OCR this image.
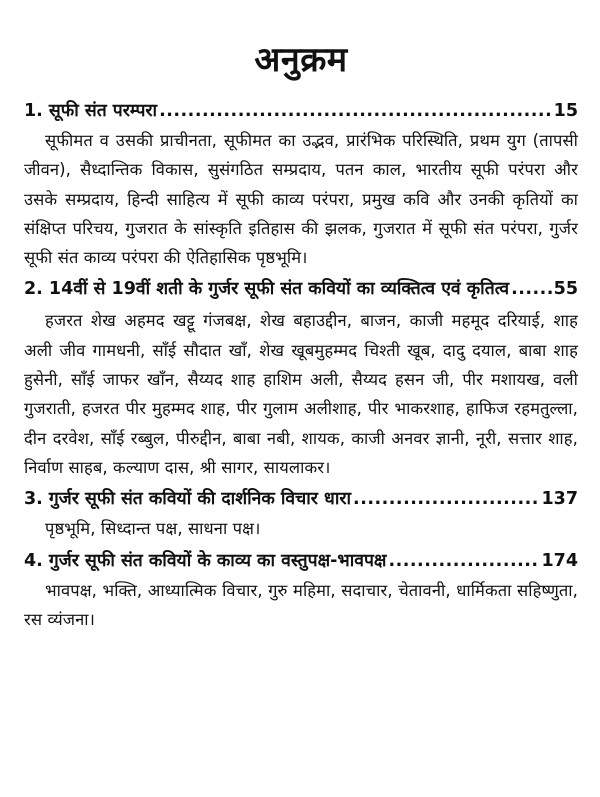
अनुक्रम
1. सूफी संत परम्परा .....	15

सूफीमत व उसकी प्राचीनता, सूफीमत का उद्भव, प्रारंभिक परिस्थिति, प्रथम युग (तापसी जीवन), सैध्दान्तिक विकास, सुसंगठित सम्प्रदाय, पतन काल, भारतीय सूफी परंपरा और उसके सम्प्रदाय, हिन्दी साहित्य में सूफी काव्य परंपरा, प्रमुख कवि और उनकी कृतियों का संक्षिप्त परिचय, गुजरात के सांस्कृति इतिहास की झलक, गुजरात में सूफी संत परंपरा, गुर्जर सूफी संत काव्य परंपरा की ऐतिहासिक पृष्ठभूमि।

2. 14वीं से 19वीं शती के गुर्जर सूफी संत कवियों का व्यक्तित्व एवं कृतित्व .....	55

हजरत शेख अहमद खट्टू गंजबक्ष, शेख बहाउद्दीन, बाजन, काजी महमूद दरियाई, शाह अली जीव गामधनी, साँई सौदात खाँ, शेख खूबमुहम्मद चिश्ती खूब, दादु दयाल, बाबा शाह हुसेनी, साँई जाफर खाँन, सैय्यद शाह हाशिम अली, सैय्यद हसन जी, पीर मशायख, वली गुजराती, हजरत पीर मुहम्मद शाह, पीर गुलाम अलीशाह, पीर भाकरशाह, हाफिज रहमतुल्ला, दीन दरवेश, साँई रब्बुल, पीरुद्दीन, बाबा नबी, शायक, काजी अनवर ज्ञानी, नूरी, सत्तार शाह, निर्वाण साहब, कल्याण दास, श्री सागर, सायलाकर।

3. गुर्जर सूफी संत कवियों की दार्शनिक विचार धारा .....	137

पृष्ठभूमि, सिध्दान्त पक्ष, साधना पक्ष।

4. गुर्जर सूफी संत कवियों के काव्य का वस्तुपक्ष-भावपक्ष .....	174

भावपक्ष, भक्ति, आध्यात्मिक विचार, गुरु महिमा, सदाचार, चेतावनी, धार्मिकता सहिष्णुता, रस व्यंजना।
